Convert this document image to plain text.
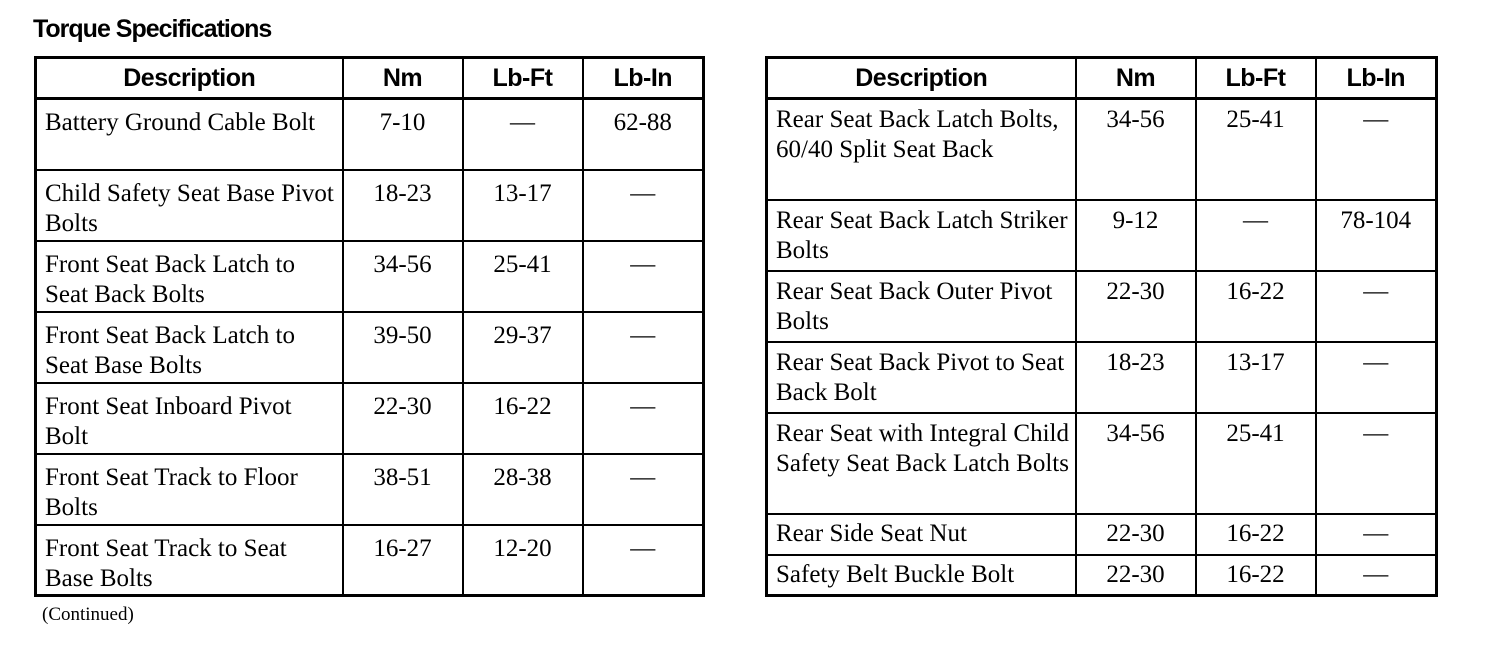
Torque Specifications
Description	Nm	Lb-Ft	Lb-In
Battery Ground Cable Bolt	7-10	—	62-88
Child Safety Seat Base Pivot Bolts	18-23	13-17	—
Front Seat Back Latch to Seat Back Bolts	34-56	25-41	—
Front Seat Back Latch to Seat Base Bolts	39-50	29-37	—
Front Seat Inboard Pivot Bolt	22-30	16-22	—
Front Seat Track to Floor Bolts	38-51	28-38	—
Front Seat Track to Seat Base Bolts	16-27	12-20	—
Description	Nm	Lb-Ft	Lb-In
Rear Seat Back Latch Bolts, 60/40 Split Seat Back	34-56	25-41	—
Rear Seat Back Latch Striker Bolts	9-12	—	78-104
Rear Seat Back Outer Pivot Bolts	22-30	16-22	—
Rear Seat Back Pivot to Seat Back Bolt	18-23	13-17	—
Rear Seat with Integral Child Safety Seat Back Latch Bolts	34-56	25-41	—
Rear Side Seat Nut	22-30	16-22	—
Safety Belt Buckle Bolt	22-30	16-22	—
(Continued)
